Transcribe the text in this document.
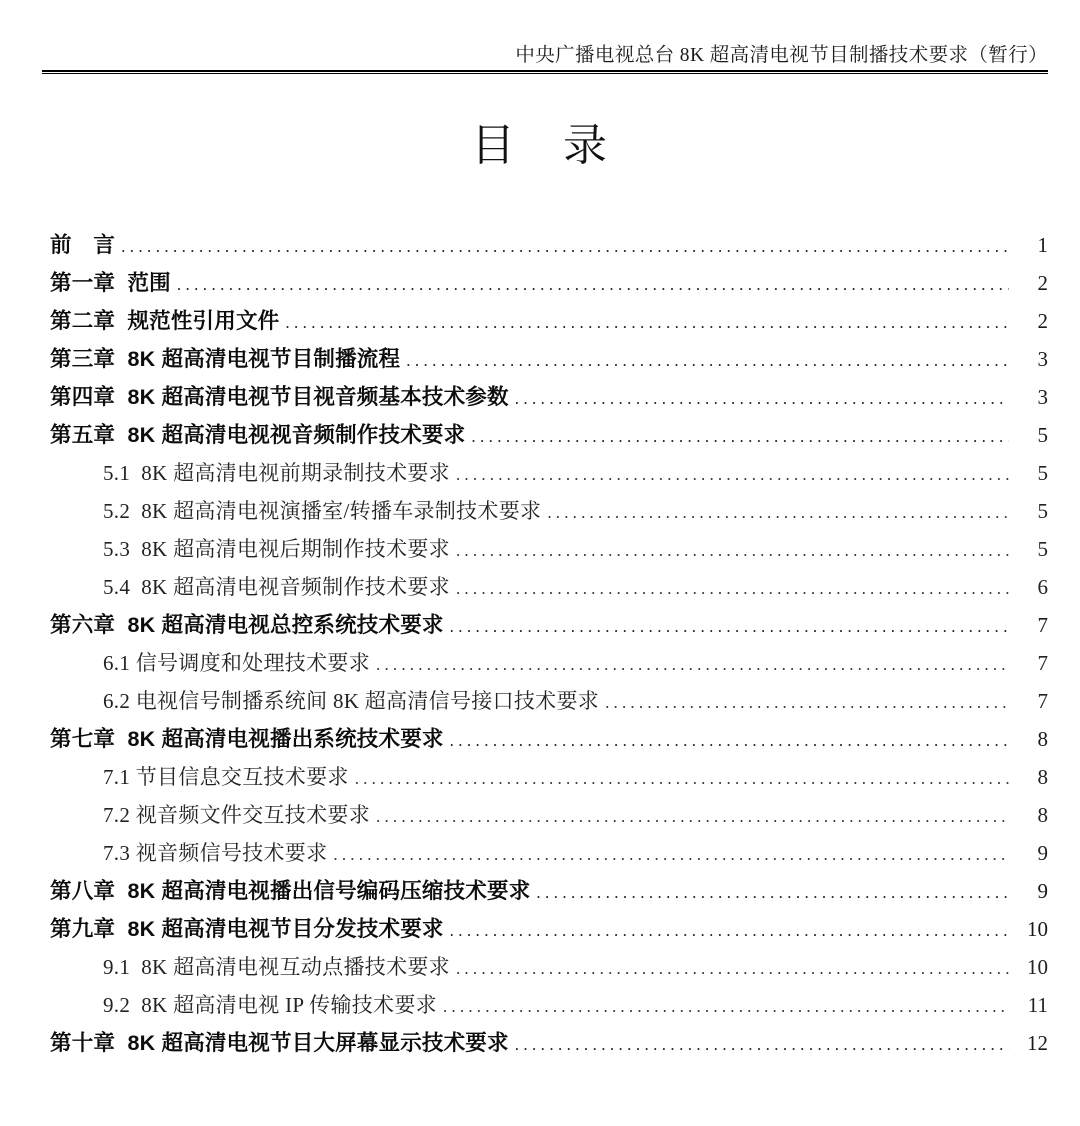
中央广播电视总台 8K 超高清电视节目制播技术要求（暂行）
目　录
前　言 .....	1
第一章  范围 .....	2
第二章  规范性引用文件 .....	2
第三章  8K 超高清电视节目制播流程 .....	3
第四章  8K 超高清电视节目视音频基本技术参数 .....	3
第五章  8K 超高清电视视音频制作技术要求 .....	5
5.1  8K 超高清电视前期录制技术要求 .....	5
5.2  8K 超高清电视演播室/转播车录制技术要求 .....	5
5.3  8K 超高清电视后期制作技术要求 .....	5
5.4  8K 超高清电视音频制作技术要求 .....	6
第六章  8K 超高清电视总控系统技术要求 .....	7
6.1 信号调度和处理技术要求 .....	7
6.2 电视信号制播系统间 8K 超高清信号接口技术要求 .....	7
第七章  8K 超高清电视播出系统技术要求 .....	8
7.1 节目信息交互技术要求 .....	8
7.2 视音频文件交互技术要求 .....	8
7.3 视音频信号技术要求 .....	9
第八章  8K 超高清电视播出信号编码压缩技术要求 .....	9
第九章  8K 超高清电视节目分发技术要求 .....	10
9.1  8K 超高清电视互动点播技术要求 .....	10
9.2  8K 超高清电视 IP 传输技术要求 .....	11
第十章  8K 超高清电视节目大屏幕显示技术要求 .....	12
